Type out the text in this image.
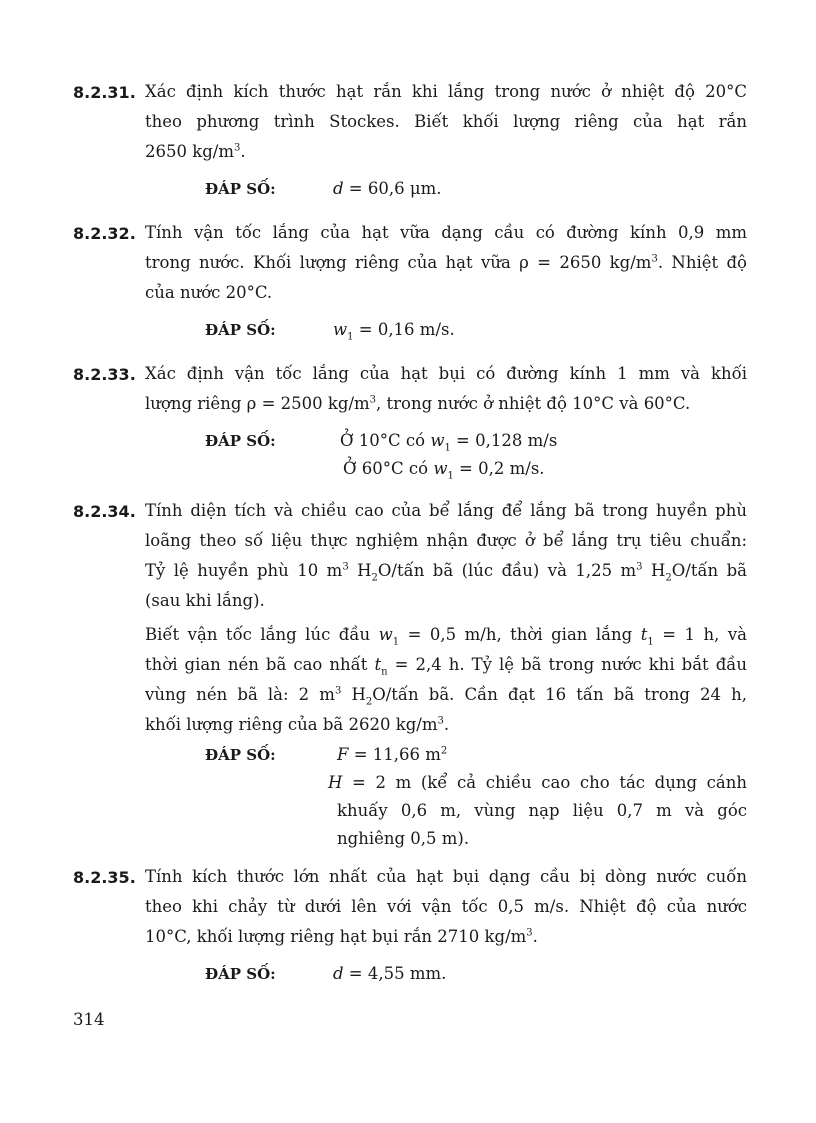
8.2.31. Xác định kích thước hạt rắn khi lắng trong nước ở nhiệt độ 20°C
theo phương trình Stockes. Biết khối lượng riêng của hạt rắn
2650 $kg/m^3$.
ĐÁP SỐ:	d = 60,6 μm.
8.2.32. Tính vận tốc lắng của hạt vữa dạng cầu có đường kính 0,9 mm
trong nước. Khối lượng riêng của hạt vữa ρ = 2650 $kg/m^3$. Nhiệt độ
của nước 20°C.
ĐÁP SỐ:	$w_1 = 0,16$ m/s.
8.2.33. Xác định vận tốc lắng của hạt bụi có đường kính 1 mm và khối
lượng riêng ρ = 2500 $kg/m^3$, trong nước ở nhiệt độ 10°C và 60°C.
ĐÁP SỐ:	Ở 10°C có $w_1 = 0,128$ m/s
Ở 60°C có $w_1 = 0,2$ m/s.
8.2.34. Tính diện tích và chiều cao của bể lắng để lắng bã trong huyền phù
loãng theo số liệu thực nghiệm nhận được ở bể lắng trụ tiêu chuẩn:
Tỷ lệ huyền phù 10 $m^3$ $H_2O$/tấn bã (lúc đầu) và 1,25 $m^3$ $H_2O$/tấn bã
(sau khi lắng).
Biết vận tốc lắng lúc đầu $w_1 = 0,5$ m/h, thời gian lắng $t_1 = 1$ h, và
thời gian nén bã cao nhất $t_n = 2,4$ h. Tỷ lệ bã trong nước khi bắt đầu
vùng nén bã là: 2 $m^3$ $H_2O$/tấn bã. Cần đạt 16 tấn bã trong 24 h,
khối lượng riêng của bã 2620 $kg/m^3$.
ĐÁP SỐ:	F = 11,66 $m^2$
H = 2 m (kể cả chiều cao cho tác dụng cánh
khuấy 0,6 m, vùng nạp liệu 0,7 m và góc
nghiêng 0,5 m).
8.2.35. Tính kích thước lớn nhất của hạt bụi dạng cầu bị dòng nước cuốn
theo khi chảy từ dưới lên với vận tốc 0,5 m/s. Nhiệt độ của nước
10°C, khối lượng riêng hạt bụi rắn 2710 $kg/m^3$.
ĐÁP SỐ:	d = 4,55 mm.
314
